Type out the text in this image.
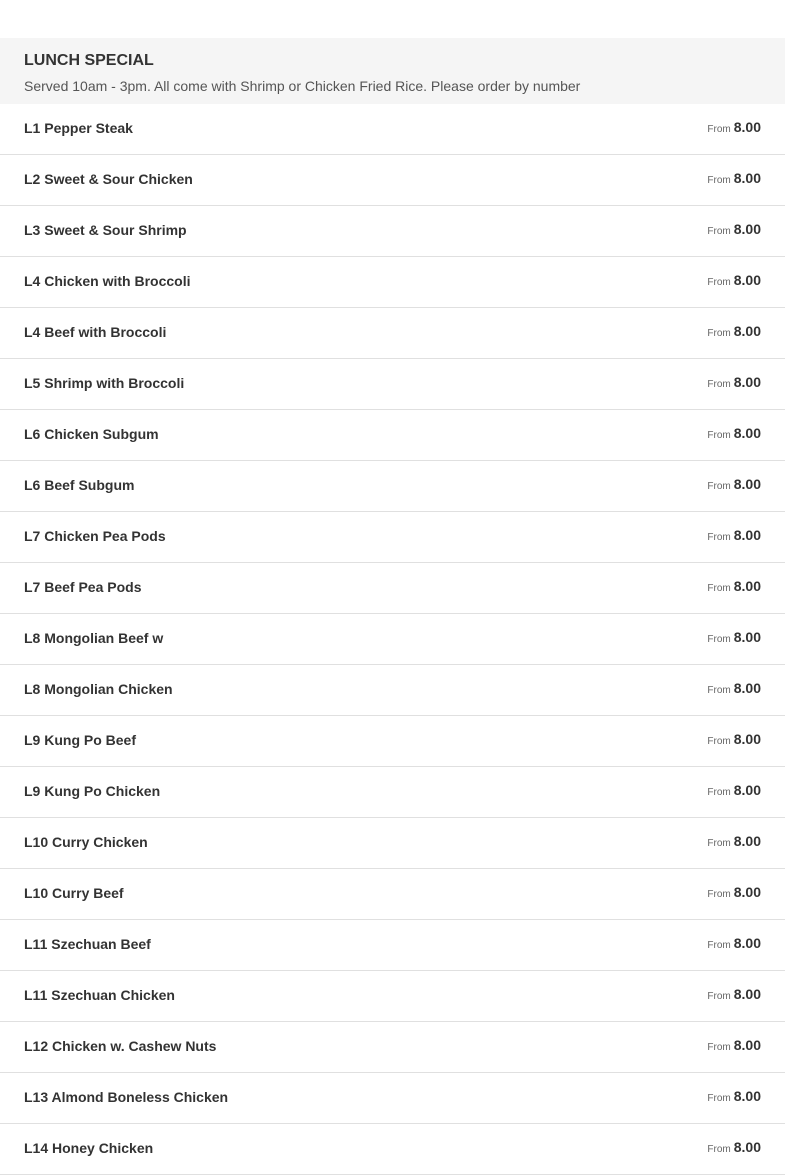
LUNCH SPECIAL
Served 10am - 3pm. All come with Shrimp or Chicken Fried Rice. Please order by number
L1 Pepper Steak	From 8.00
L2 Sweet & Sour Chicken	From 8.00
L3 Sweet & Sour Shrimp	From 8.00
L4 Chicken with Broccoli	From 8.00
L4 Beef with Broccoli	From 8.00
L5 Shrimp with Broccoli	From 8.00
L6 Chicken Subgum	From 8.00
L6 Beef Subgum	From 8.00
L7 Chicken Pea Pods	From 8.00
L7 Beef Pea Pods	From 8.00
L8 Mongolian Beef w	From 8.00
L8 Mongolian Chicken	From 8.00
L9 Kung Po Beef	From 8.00
L9 Kung Po Chicken	From 8.00
L10 Curry Chicken	From 8.00
L10 Curry Beef	From 8.00
L11 Szechuan Beef	From 8.00
L11 Szechuan Chicken	From 8.00
L12 Chicken w. Cashew Nuts	From 8.00
L13 Almond Boneless Chicken	From 8.00
L14 Honey Chicken	From 8.00
